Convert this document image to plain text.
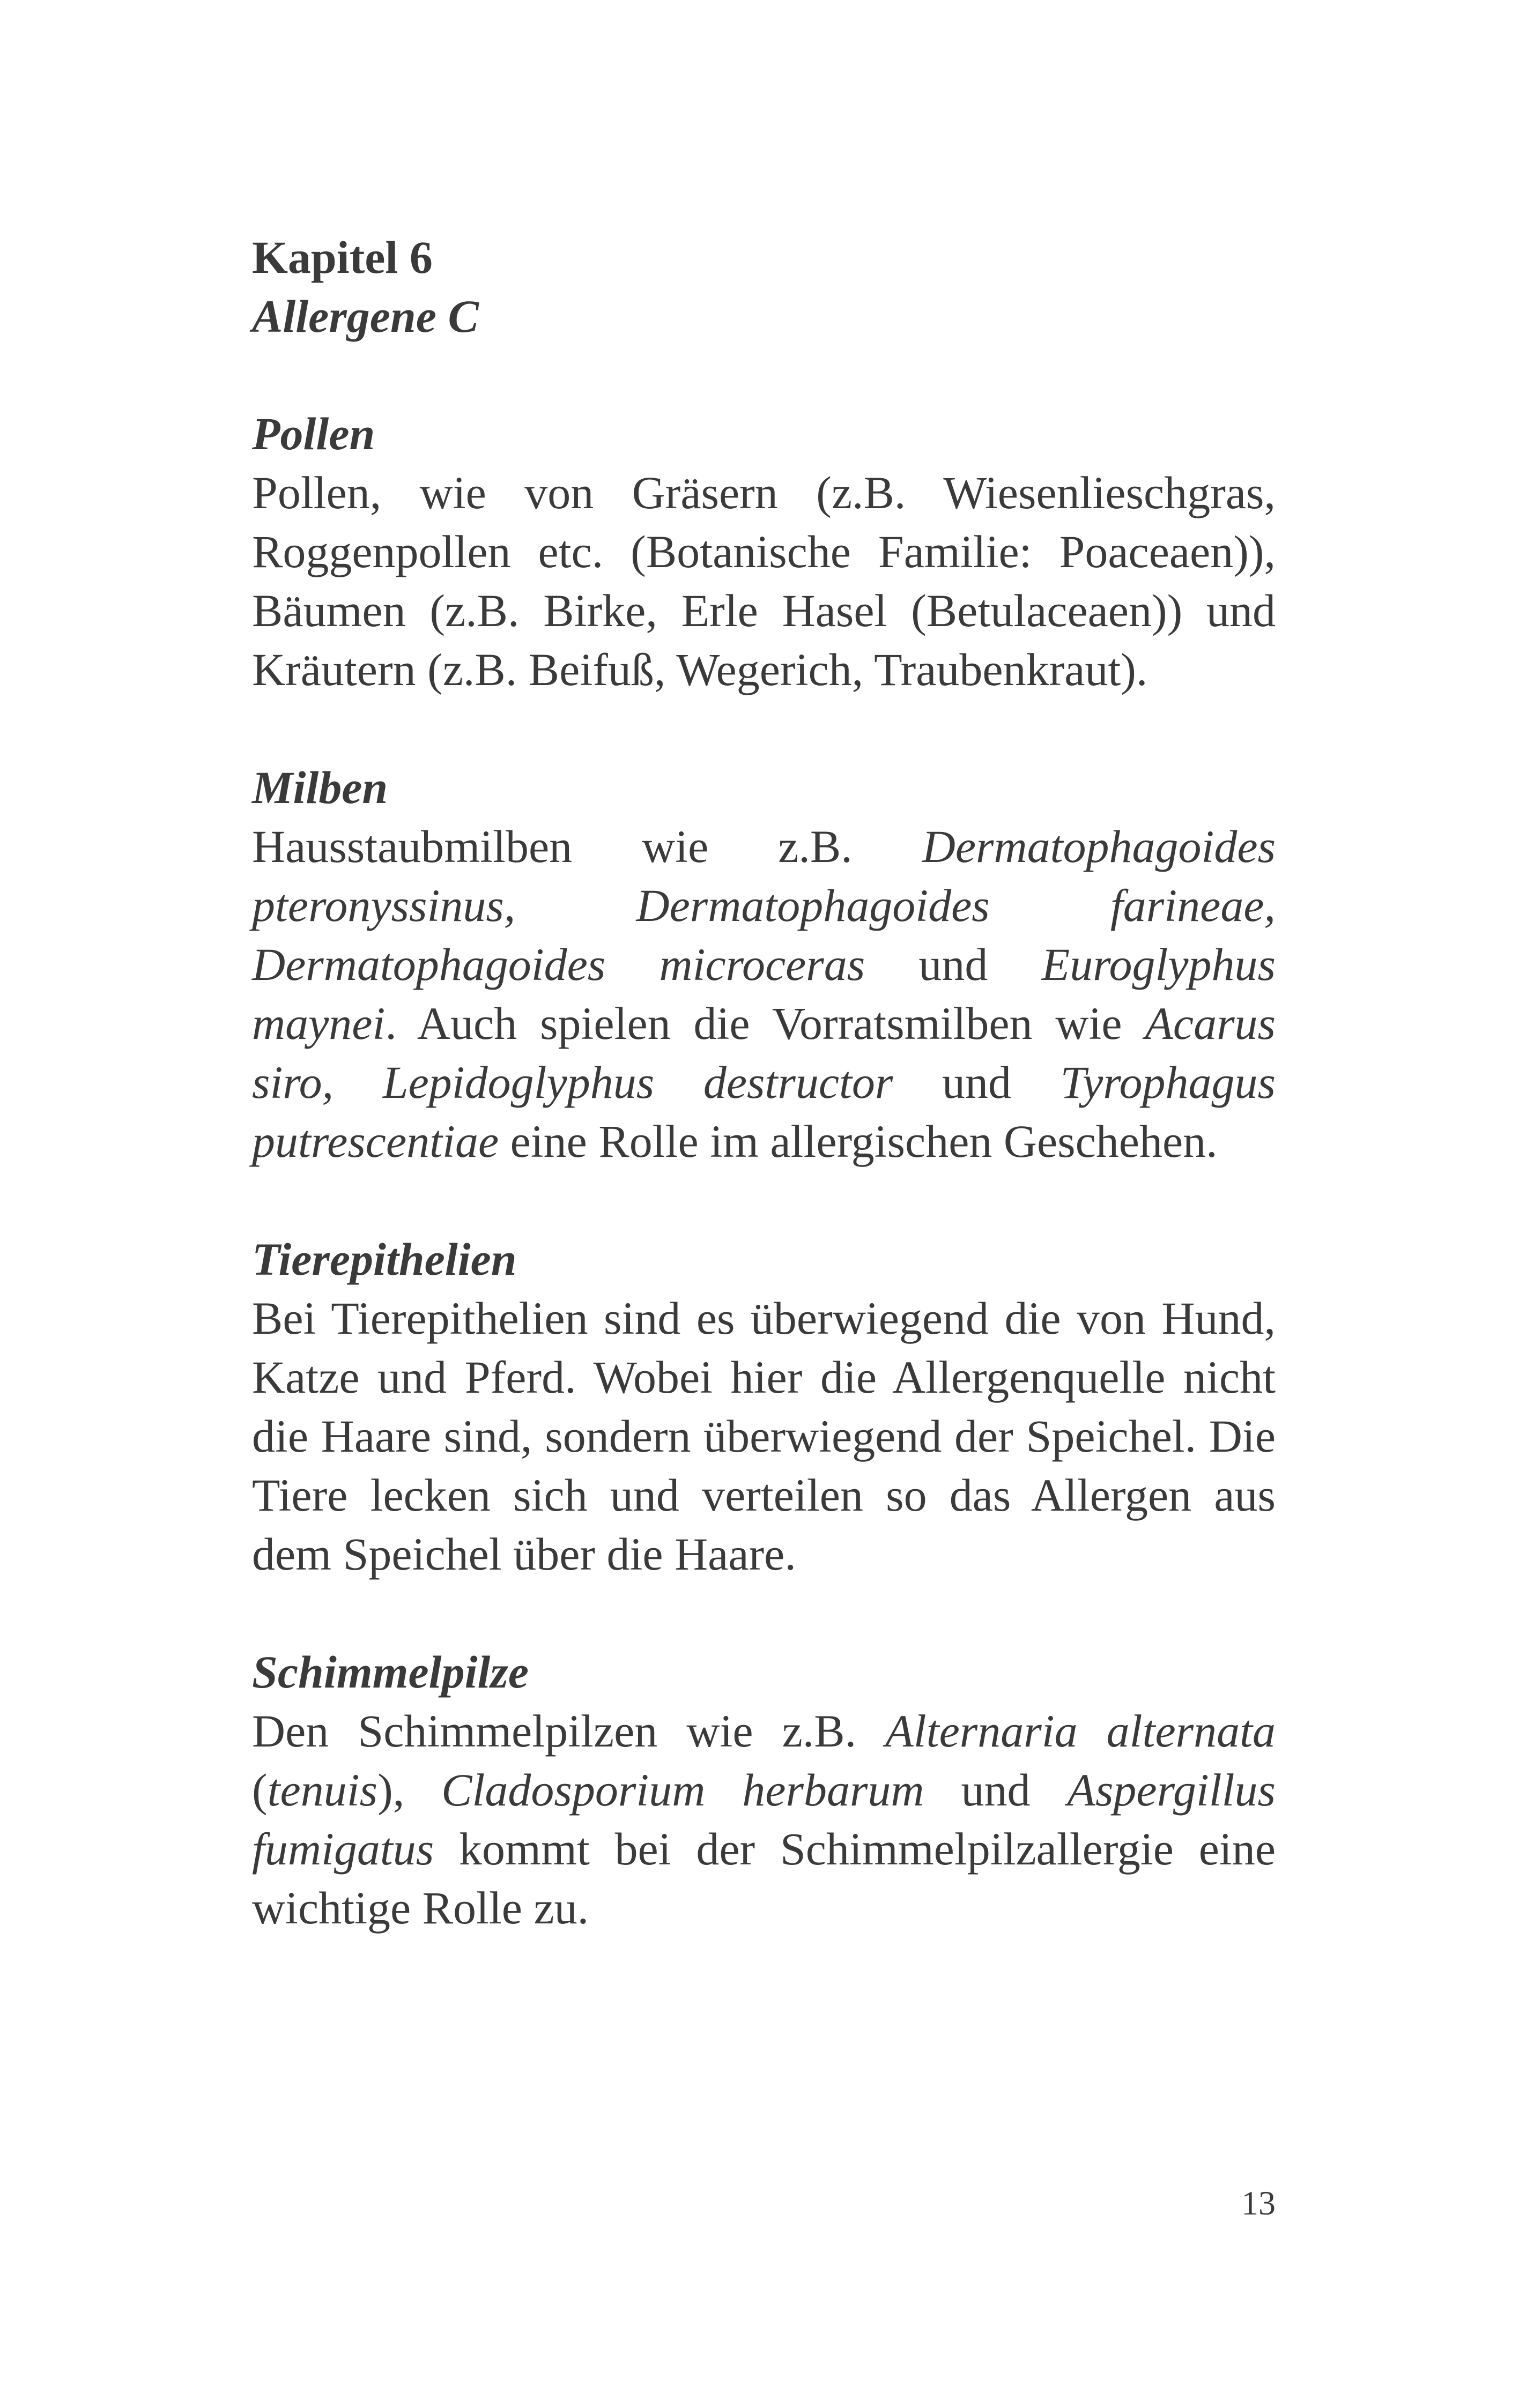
Kapitel 6
Allergene C
Pollen

Pollen, wie von Gräsern (z.B. Wiesenlieschgras, Roggenpollen etc. (Botanische Familie: Poaceaen)), Bäumen (z.B. Birke, Erle Hasel (Betulaceaen)) und Kräutern (z.B. Beifuß, Wegerich, Traubenkraut).

Milben

Hausstaubmilben wie z.B. Dermatophagoides pteronyssinus, Dermatophagoides farineae, Dermatophagoides microceras und Euroglyphus maynei. Auch spielen die Vorratsmilben wie Acarus siro, Lepidoglyphus destructor und Tyrophagus putrescentiae eine Rolle im allergischen Geschehen.

Tierepithelien

Bei Tierepithelien sind es überwiegend die von Hund, Katze und Pferd. Wobei hier die Allergenquelle nicht die Haare sind, sondern überwiegend der Speichel. Die Tiere lecken sich und verteilen so das Allergen aus dem Speichel über die Haare.

Schimmelpilze

Den Schimmelpilzen wie z.B. Alternaria alternata (tenuis), Cladosporium herbarum und Aspergillus fumigatus kommt bei der Schimmelpilzallergie eine wichtige Rolle zu.

13
